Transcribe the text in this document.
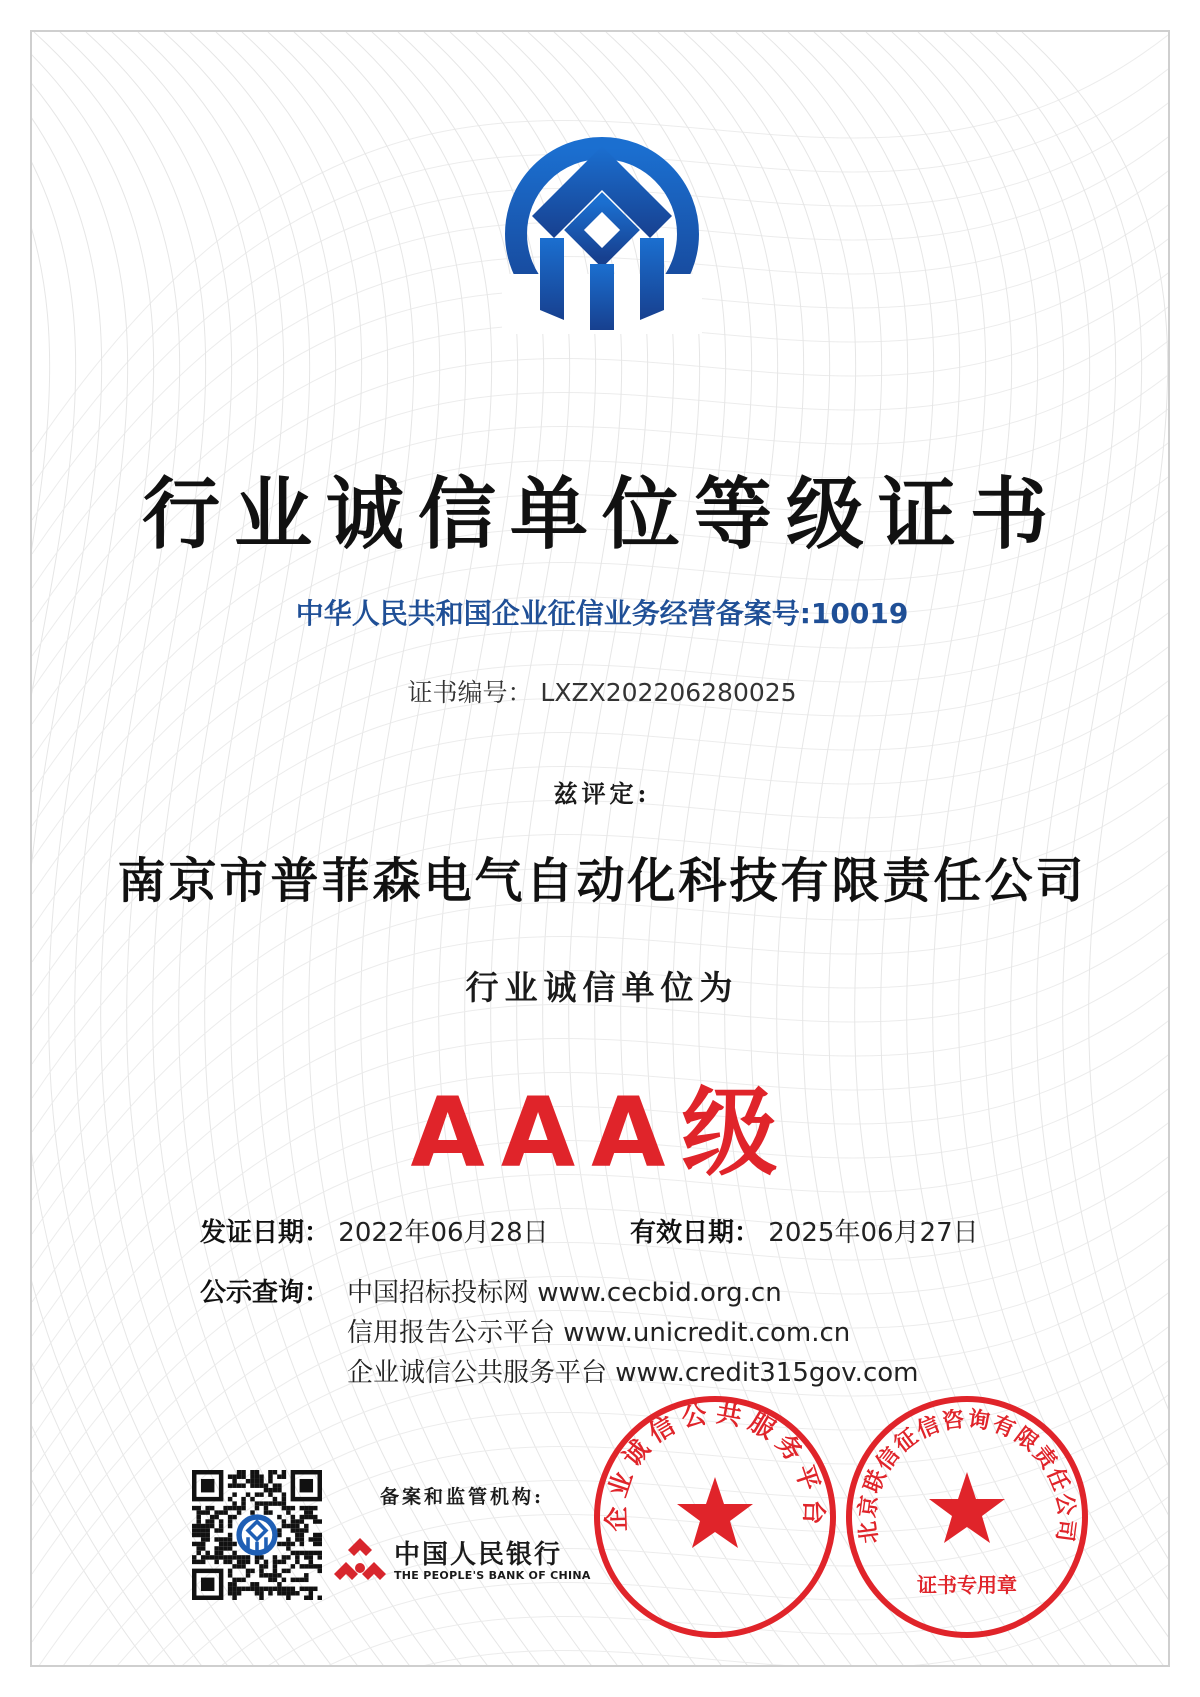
行业诚信单位等级证书
中华人民共和国企业征信业务经营备案号:10019
证书编号： LXZX202206280025
兹评定:
南京市普菲森电气自动化科技有限责任公司
行业诚信单位为
AAA级
发证日期： 2022年06月28日	有效日期： 2025年06月27日
公示查询： 中国招标投标网 www.cecbid.org.cn
信用报告公示平台 www.unicredit.com.cn
企业诚信公共服务平台 www.credit315gov.com
备案和监管机构:
中国人民银行
THE PEOPLE'S BANK OF CHINA
企业诚信公共服务平台 北京联信征信咨询有限责任公司
证书专用章
